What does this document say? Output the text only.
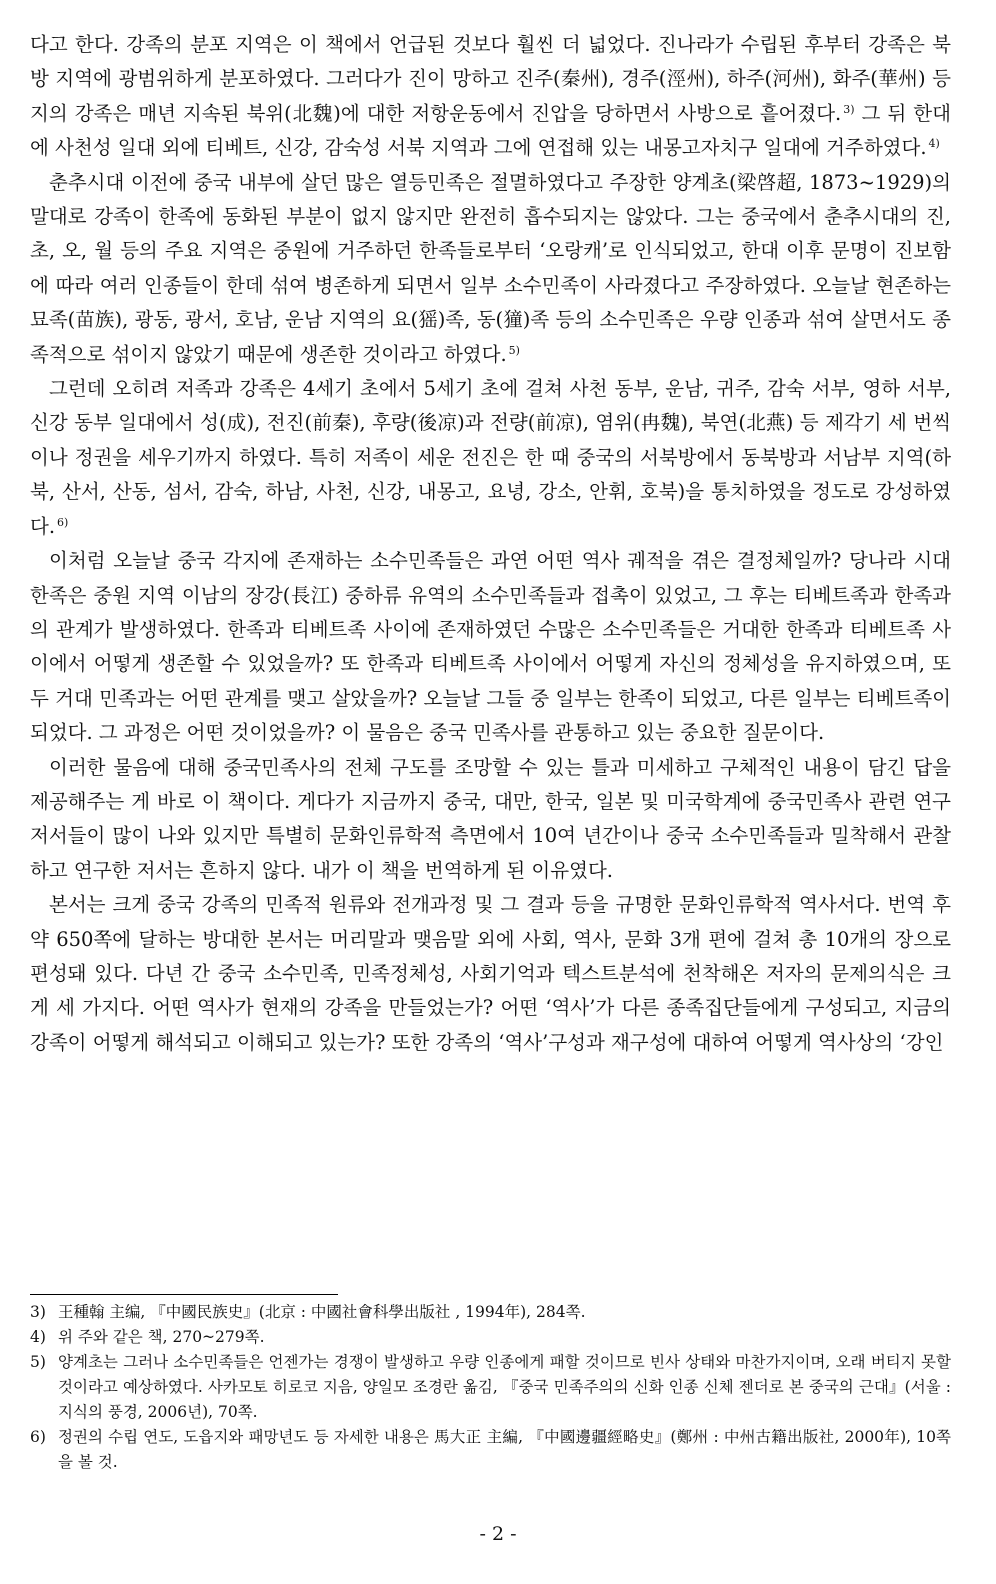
다고 한다. 강족의 분포 지역은 이 책에서 언급된 것보다 훨씬 더 넓었다. 진나라가 수립된 후부터 강족은 북방 지역에 광범위하게 분포하였다. 그러다가 진이 망하고 진주(秦州), 경주(涇州), 하주(河州), 화주(華州) 등지의 강족은 매년 지속된 북위(北魏)에 대한 저항운동에서 진압을 당하면서 사방으로 흩어졌다. $^{3)}$ 그 뒤 한대에 사천성 일대 외에 티베트, 신강, 감숙성 서북 지역과 그에 연접해 있는 내몽고자치구 일대에 거주하였다. $^{4)}$

춘추시대 이전에 중국 내부에 살던 많은 열등민족은 절멸하였다고 주장한 양계초(梁啓超, 1873~1929)의 말대로 강족이 한족에 동화된 부분이 없지 않지만 완전히 흡수되지는 않았다. 그는 중국에서 춘추시대의 진, 초, 오, 월 등의 주요 지역은 중원에 거주하던 한족들로부터 ‘오랑캐’로 인식되었고, 한대 이후 문명이 진보함에 따라 여러 인종들이 한데 섞여 병존하게 되면서 일부 소수민족이 사라졌다고 주장하였다. 오늘날 현존하는 묘족(苗族), 광동, 광서, 호남, 운남 지역의 요(猺)족, 동(獞)족 등의 소수민족은 우량 인종과 섞여 살면서도 종족적으로 섞이지 않았기 때문에 생존한 것이라고 하였다. $^{5)}$

그런데 오히려 저족과 강족은 4세기 초에서 5세기 초에 걸쳐 사천 동부, 운남, 귀주, 감숙 서부, 영하 서부, 신강 동부 일대에서 성(成), 전진(前秦), 후량(後凉)과 전량(前凉), 염위(冉魏), 북연(北燕) 등 제각기 세 번씩이나 정권을 세우기까지 하였다. 특히 저족이 세운 전진은 한 때 중국의 서북방에서 동북방과 서남부 지역(하북, 산서, 산동, 섬서, 감숙, 하남, 사천, 신강, 내몽고, 요녕, 강소, 안휘, 호북)을 통치하였을 정도로 강성하였다. $^{6)}$

이처럼 오늘날 중국 각지에 존재하는 소수민족들은 과연 어떤 역사 궤적을 겪은 결정체일까? 당나라 시대 한족은 중원 지역 이남의 장강(長江) 중하류 유역의 소수민족들과 접촉이 있었고, 그 후는 티베트족과 한족과의 관계가 발생하였다. 한족과 티베트족 사이에 존재하였던 수많은 소수민족들은 거대한 한족과 티베트족 사이에서 어떻게 생존할 수 있었을까? 또 한족과 티베트족 사이에서 어떻게 자신의 정체성을 유지하였으며, 또 두 거대 민족과는 어떤 관계를 맺고 살았을까? 오늘날 그들 중 일부는 한족이 되었고, 다른 일부는 티베트족이 되었다. 그 과정은 어떤 것이었을까? 이 물음은 중국 민족사를 관통하고 있는 중요한 질문이다.

이러한 물음에 대해 중국민족사의 전체 구도를 조망할 수 있는 틀과 미세하고 구체적인 내용이 담긴 답을 제공해주는 게 바로 이 책이다. 게다가 지금까지 중국, 대만, 한국, 일본 및 미국학계에 중국민족사 관련 연구저서들이 많이 나와 있지만 특별히 문화인류학적 측면에서 10여 년간이나 중국 소수민족들과 밀착해서 관찰하고 연구한 저서는 흔하지 않다. 내가 이 책을 번역하게 된 이유였다.

본서는 크게 중국 강족의 민족적 원류와 전개과정 및 그 결과 등을 규명한 문화인류학적 역사서다. 번역 후 약 650쪽에 달하는 방대한 본서는 머리말과 맺음말 외에 사회, 역사, 문화 3개 편에 걸쳐 총 10개의 장으로 편성돼 있다. 다년 간 중국 소수민족, 민족정체성, 사회기억과 텍스트분석에 천착해온 저자의 문제의식은 크게 세 가지다. 어떤 역사가 현재의 강족을 만들었는가? 어떤 ‘역사’가 다른 종족집단들에게 구성되고, 지금의 강족이 어떻게 해석되고 이해되고 있는가? 또한 강족의 ‘역사’구성과 재구성에 대하여 어떻게 역사상의 ‘강인

3) 王種翰 主编, 『中國民族史』(北京 : 中國社會科學出版社 , 1994年), 284쪽.
4) 위 주와 같은 책, 270~279쪽.
5) 양계초는 그러나 소수민족들은 언젠가는 경쟁이 발생하고 우량 인종에게 패할 것이므로 빈사 상태와 마찬가지이며, 오래 버티지 못할 것이라고 예상하였다. 사카모토 히로코 지음, 양일모 조경란 옮김, 『중국 민족주의의 신화 인종 신체 젠더로 본 중국의 근대』(서울 : 지식의 풍경, 2006년), 70쪽.
6) 정권의 수립 연도, 도읍지와 패망년도 등 자세한 내용은 馬大正 主編, 『中國邊疆經略史』(鄭州 : 中州古籍出版社, 2000年), 10쪽을 볼 것.
- 2 -
